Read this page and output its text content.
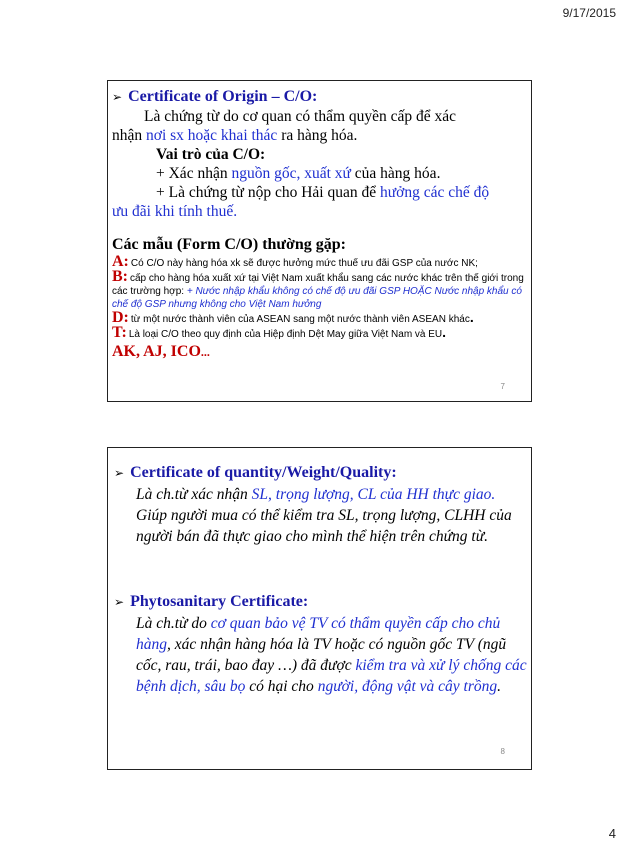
9/17/2015
➢ Certificate of Origin – C/O:
Là chứng từ do cơ quan có thẩm quyền cấp để xác
nhận nơi sx hoặc khai thác ra hàng hóa.
Vai trò của C/O:
+ Xác nhận nguồn gốc, xuất xứ của hàng hóa.
+ Là chứng từ nộp cho Hải quan để hưởng các chế độ
ưu đãi khi tính thuế.
Các mẫu (Form C/O) thường gặp:
A: Có C/O này hàng hóa xk sẽ được hưởng mức thuế ưu đãi GSP của nước NK;
B: cấp cho hàng hóa xuất xứ tại Việt Nam xuất khẩu sang các nước khác trên thế giới trong các trường hợp: + Nước nhập khẩu không có chế độ ưu đãi GSP HOẶC Nước nhập khẩu có chế độ GSP nhưng không cho Việt Nam hưởng
D: từ một nước thành viên của ASEAN sang một nước thành viên ASEAN khác.
T: Là loại C/O theo quy định của Hiệp định Dệt May giữa Việt Nam và EU.
AK, AJ, ICO...
7
➢ Certificate of quantity/Weight/Quality:
Là ch.từ xác nhận SL, trọng lượng, CL của HH thực giao. Giúp người mua có thể kiểm tra SL, trọng lượng, CLHH của người bán đã thực giao cho mình thể hiện trên chứng từ.
➢ Phytosanitary Certificate:
Là ch.từ do cơ quan bảo vệ TV có thẩm quyền cấp cho chủ hàng, xác nhận hàng hóa là TV hoặc có nguồn gốc TV (ngũ cốc, rau, trái, bao đay …) đã được kiểm tra và xử lý chống các bệnh dịch, sâu bọ có hại cho người, động vật và cây trồng.
8
4
